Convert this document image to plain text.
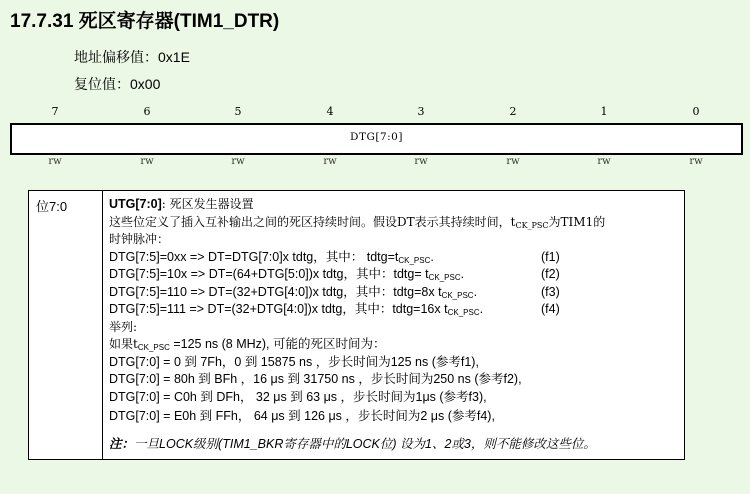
17.7.31 死区寄存器(TIM1_DTR)
地址偏移值：0x1E
复位值：0x00
7	6	5	4	3	2	1	0
DTG[7:0]
rw	rw	rw	rw	rw	rw	rw	rw
位7:0	UTG[7:0]: 死区发生器设置
这些位定义了插入互补输出之间的死区持续时间。假设DT表示其持续时间，$t_{CK\_PSC}$为TIM1的
时钟脉冲：
DTG[7:5]=0xx => DT=DTG[7:0]x tdtg，其中： $tdtg=t_{CK\_PSC}$.	(f1)
DTG[7:5]=10x => DT=(64+DTG[5:0])x tdtg，其中：tdtg= $t_{CK\_PSC}$.	(f2)
DTG[7:5]=110 => DT=(32+DTG[4:0])x tdtg，其中：tdtg=8x $t_{CK\_PSC}$.	(f3)
DTG[7:5]=111 => DT=(32+DTG[4:0])x tdtg，其中：tdtg=16x $t_{CK\_PSC}$.	(f4)
举列:
如果$t_{CK\_PSC} =125$ ns (8 MHz), 可能的死区时间为：
DTG[7:0] = 0 到 7Fh，0 到 15875 ns ，步长时间为125 ns (参考f1),
DTG[7:0] = 80h 到 BFh ，16 μs 到 31750 ns ，步长时间为250 ns (参考f2),
DTG[7:0] = C0h 到 DFh， 32 μs 到 63 μs ，步长时间为1μs (参考f3),
DTG[7:0] = E0h 到 FFh， 64 μs 到 126 μs ，步长时间为2 μs (参考f4),
注：一旦LOCK级别(TIM1_BKR寄存器中的LOCK位) 设为1、2或3，则不能修改这些位。
